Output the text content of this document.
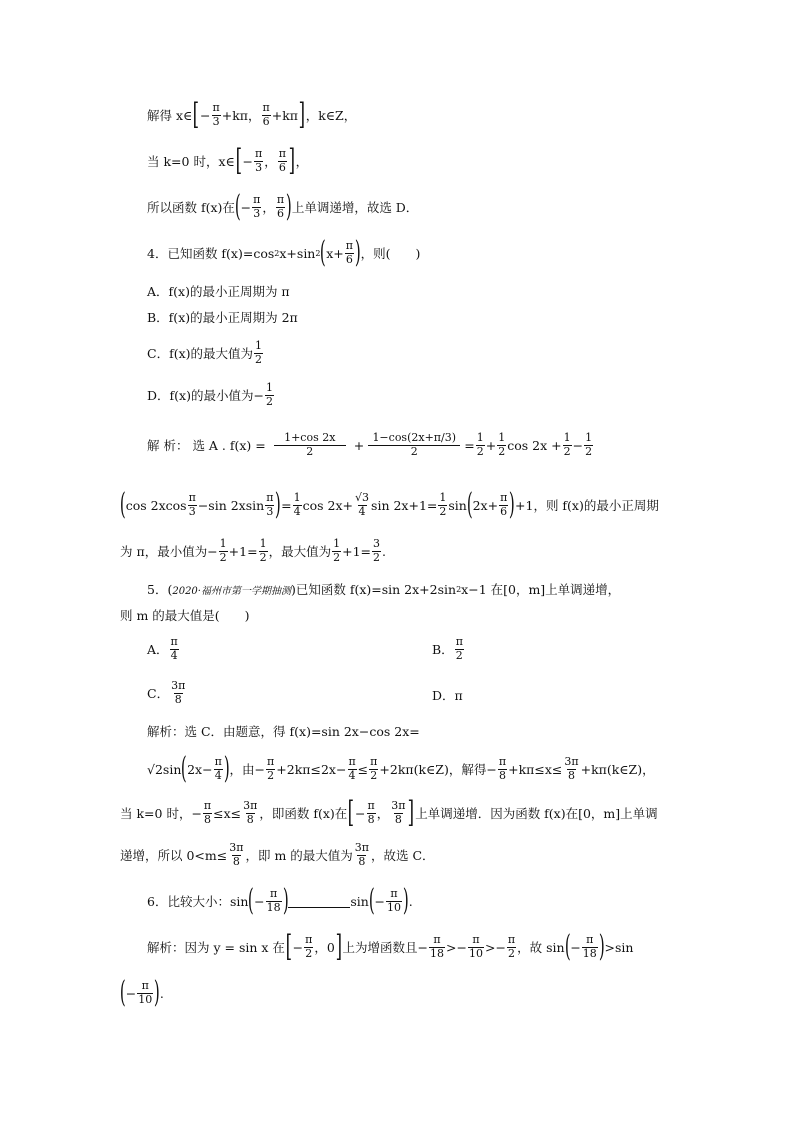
解得 x∈ [ − $\frac{\pi}{3} +k\pi$， $\frac{\pi}{6} +k\pi$ ] ，k∈Z，
当 k=0 时，x∈ [ − $\frac{\pi}{3}$ ， $\frac{\pi}{6}$ ] ，
所以函数 f(x)在 ( − $\frac{\pi}{3}$ ， $\frac{\pi}{6}$ ) 上单调递增，故选 D．
4．已知函数 f(x)=cos 2 x+sin 2 ( $x+ \frac{\pi}{6}$ ) ，则(　　)
A．f(x)的最小正周期为 π
B．f(x)的最小正周期为 2π
C．f(x)的最大值为 $\frac{1}{2}$
D．f(x)的最小值为− $\frac{1}{2}$
解 析： 选 A . $f(x) = \frac{1+\cos 2x}{2} + \frac{1-\cos(2x+\pi/3)}{2} = \frac{1}{2} + \frac{1}{2}$ $\cos 2x + \frac{1}{2} - \frac{1}{2}$
( $\cos 2xcos \frac{\pi}{3} -\sin$ $2xsin \frac{\pi}{3}$ ) = $\frac{1}{4}$ $\cos 2x+ \frac{√3}{4}$ $\sin 2x+1= \frac{1}{2}$ sin ( $2x+ \frac{\pi}{6}$ ) +1，则 f(x)的最小正周期
为 π，最小值为− $\frac{1}{2} +1= \frac{1}{2}$ ，最大值为 $\frac{1}{2} +1= \frac{3}{2}$ .
5．( 2020·福州市第一学期抽测 )已知函数 f(x)=sin 2x+2sin 2 x−1 在[0，m]上单调递增，
则 m 的最大值是(　　)
A． $\frac{\pi}{4}$	B． $\frac{\pi}{2}$
C． $\frac{3\pi}{8}$	D．π
解析：选 C．由题意，得 f(x)=sin 2x−cos 2x=
√2sin ( $2x- \frac{\pi}{4}$ ) ，由− $\frac{\pi}{2} +2k\pi\le 2x- \frac{\pi}{4} \le \frac{\pi}{2}$ +2kπ(k∈Z)，解得− $\frac{\pi}{8} +k\pi\le x\le \frac{3\pi}{8}$ +kπ(k∈Z)，
当 k=0 时，− $\frac{\pi}{8} \le x\le \frac{3\pi}{8}$ ，即函数 f(x)在 [ − $\frac{\pi}{8}$ ， $\frac{3\pi}{8}$ ] 上单调递增．因为函数 f(x)在[0，m]上单调
递增，所以 $0<m\le \frac{3\pi}{8}$ ，即 m 的最大值为 $\frac{3\pi}{8}$ ，故选 C．
6．比较大小：sin ( − $\frac{\pi}{18}$ )	sin ( − $\frac{\pi}{10}$ ) .
解析：因为 y = sin x 在 [ − $\frac{\pi}{2}$ ，0 ] 上为增函数且− $\frac{\pi}{18} >- \frac{\pi}{10} >- \frac{\pi}{2}$ ，故 sin ( − $\frac{\pi}{18}$ ) >sin
( − $\frac{\pi}{10}$ ) .
